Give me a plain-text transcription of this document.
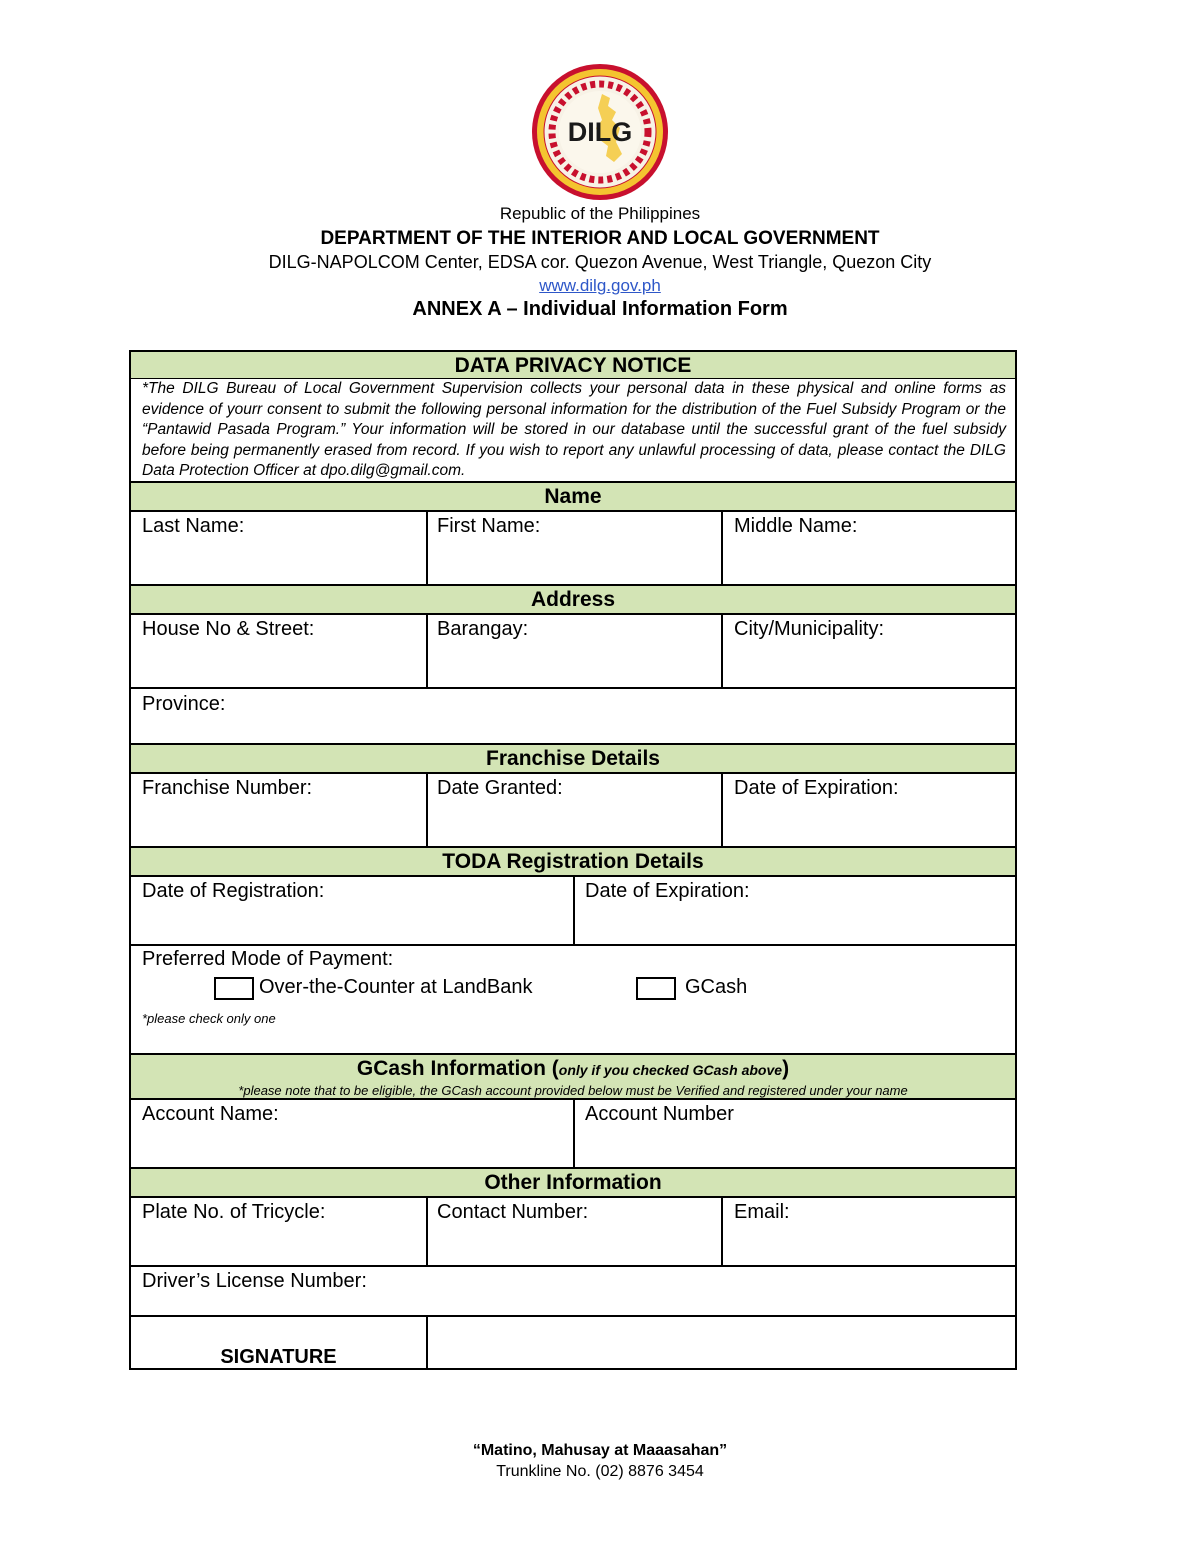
DILG
Republic of the Philippines
DEPARTMENT OF THE INTERIOR AND LOCAL GOVERNMENT
DILG-NAPOLCOM Center, EDSA cor. Quezon Avenue, West Triangle, Quezon City
www.dilg.gov.ph
ANNEX A – Individual Information Form
DATA PRIVACY NOTICE

*The DILG Bureau of Local Government Supervision collects your personal data in these physical and online forms as evidence of yourr consent to submit the following personal information for the distribution of the Fuel Subsidy Program or the “Pantawid Pasada Program.” Your information will be stored in our database until the successful grant of the fuel subsidy before being permanently erased from record. If you wish to report any unlawful processing of data, please contact the DILG Data Protection Officer at dpo.dilg@gmail.com.

Name
Last Name:	First Name:	Middle Name:
Address
House No & Street:	Barangay:	City/Municipality:
Province:
Franchise Details
Franchise Number:	Date Granted:	Date of Expiration:
TODA Registration Details
Date of Registration:	Date of Expiration:
Preferred Mode of Payment:
Over-the-Counter at LandBank	GCash
*please check only one
GCash Information (only if you checked GCash above)
*please note that to be eligible, the GCash account provided below must be Verified and registered under your name
Account Name:	Account Number
Other Information
Plate No. of Tricycle:	Contact Number:	Email:
Driver’s License Number:
SIGNATURE
“Matino, Mahusay at Maaasahan”
Trunkline No. (02) 8876 3454
